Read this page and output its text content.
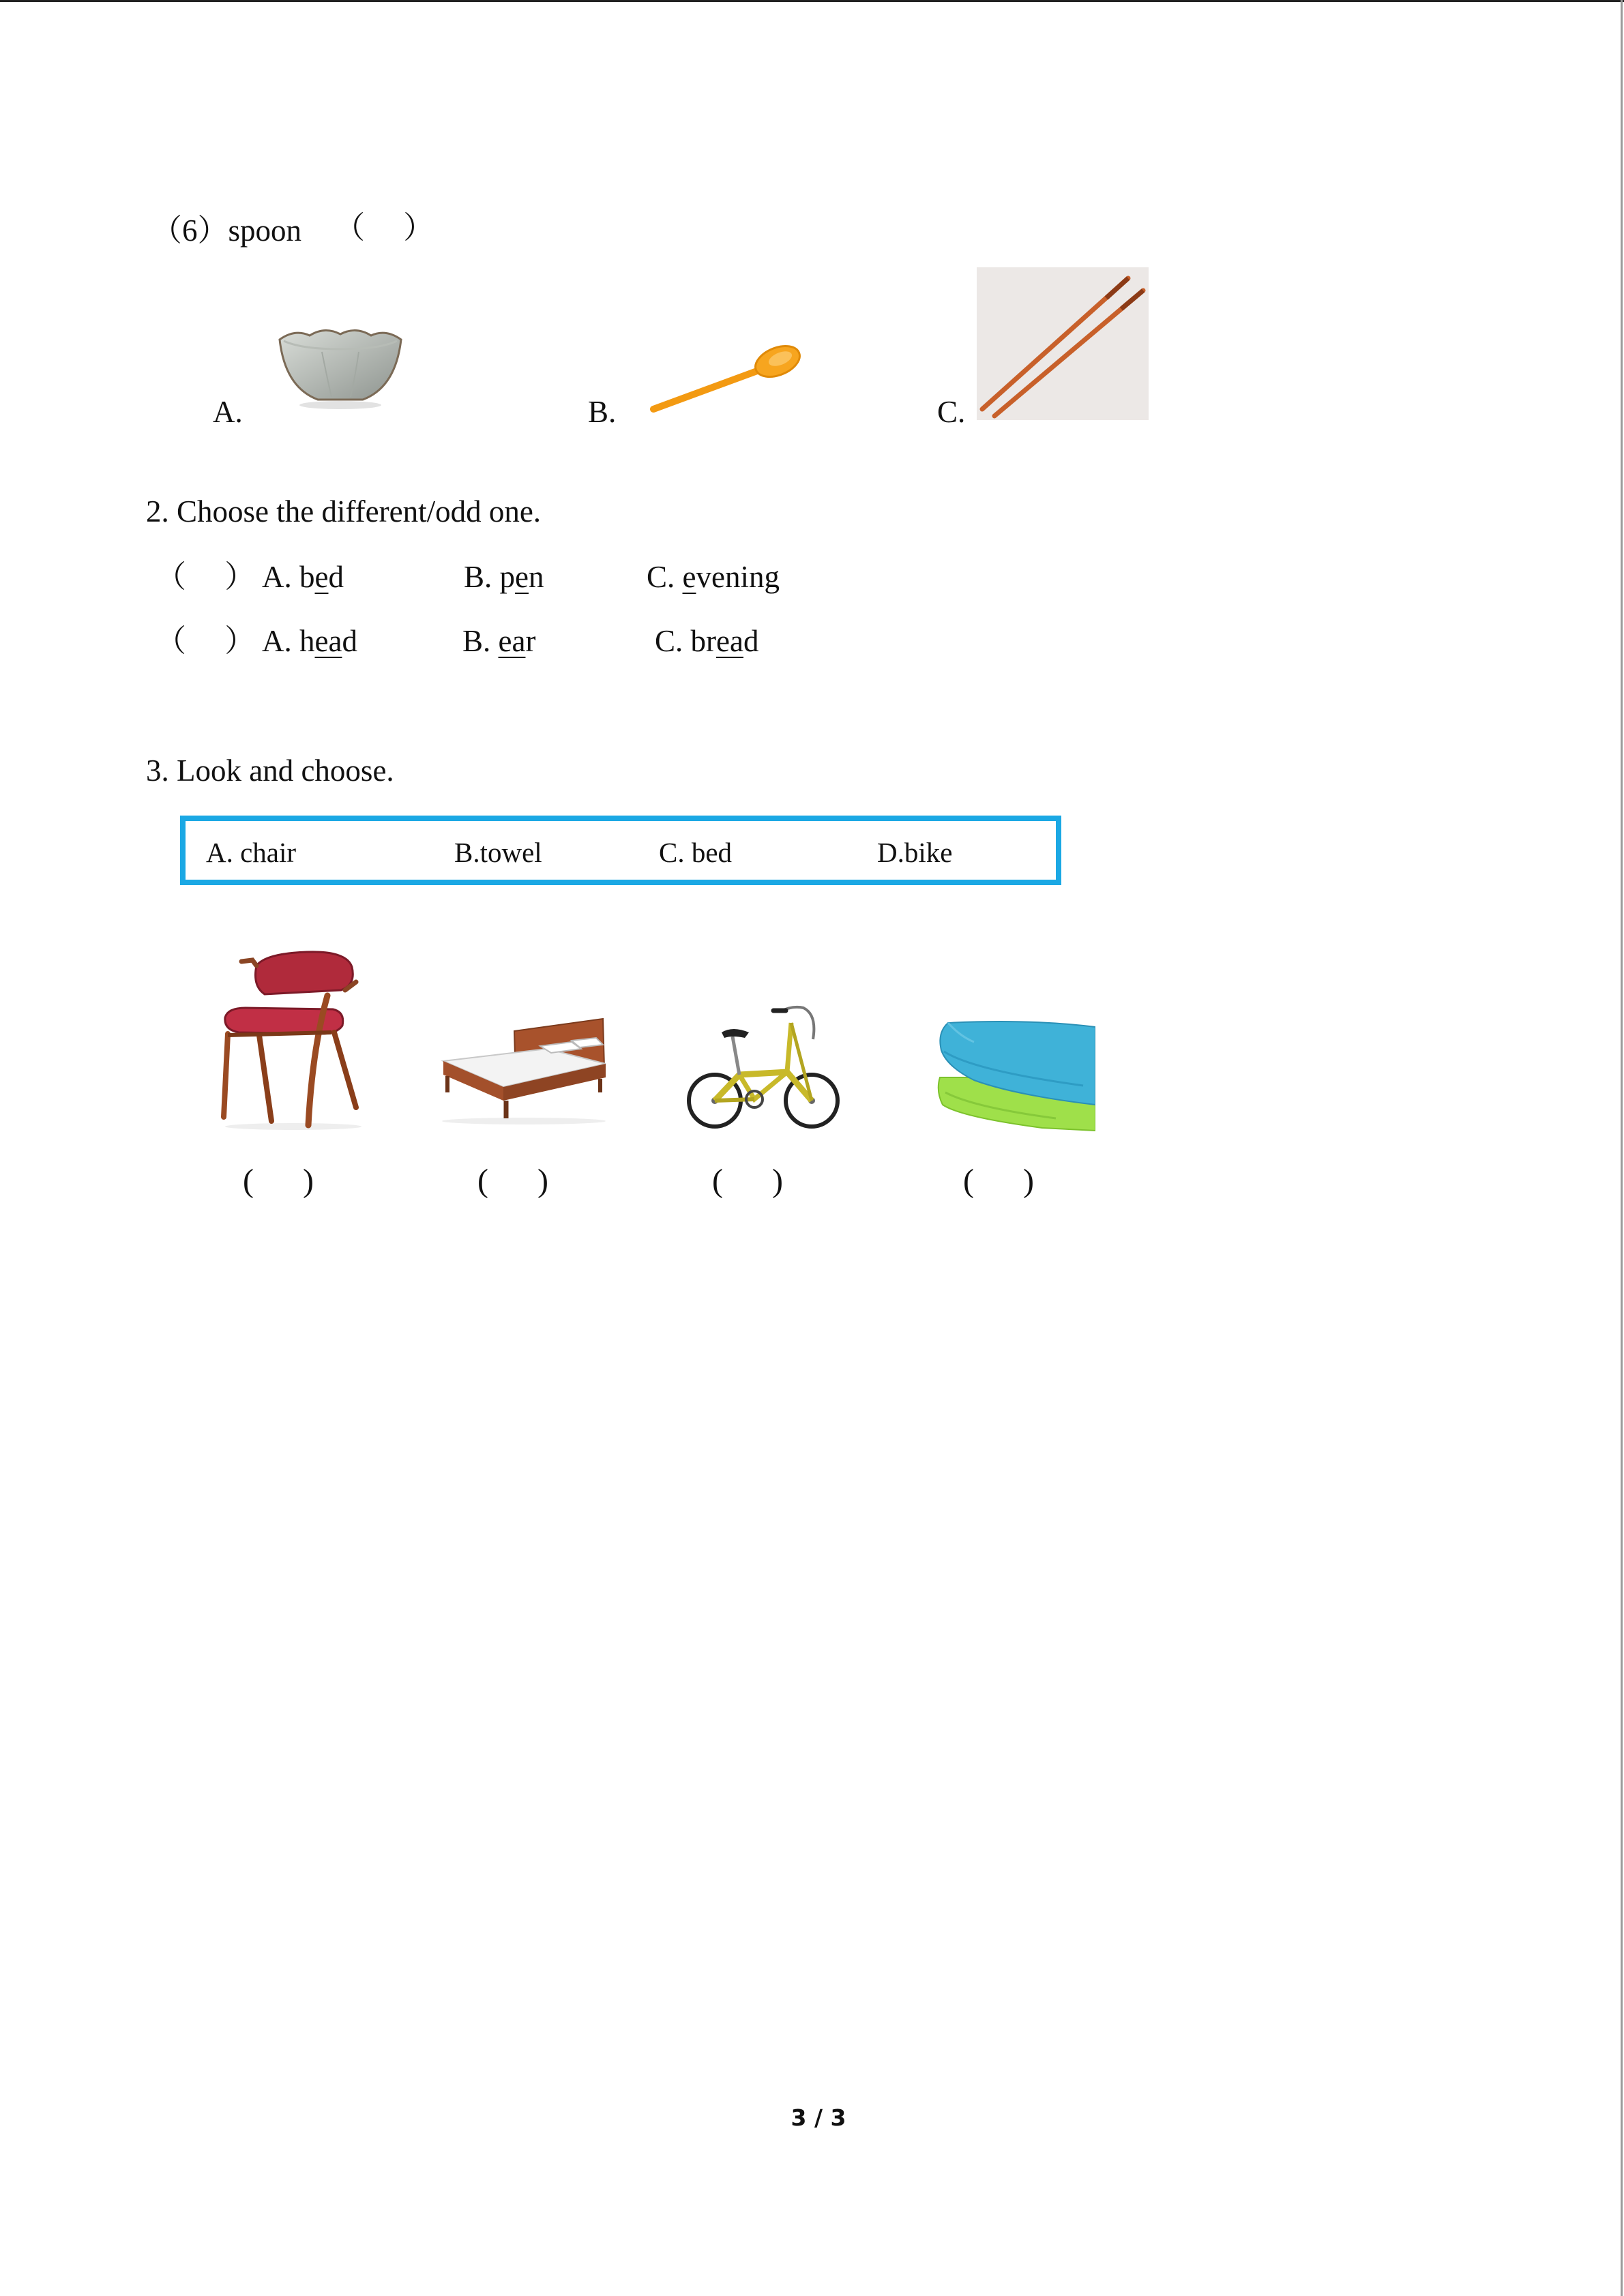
（6）spoon （     ）
A.	B.	C.
2. Choose the different/odd one.
（     ） A. bed	B. pen	C. evening
（     ） A. head	B. ear	C. bread
3. Look and choose.
A. chair	B.towel	C. bed	D.bike
(      )	(      )	(      )	(      )
3 / 3
